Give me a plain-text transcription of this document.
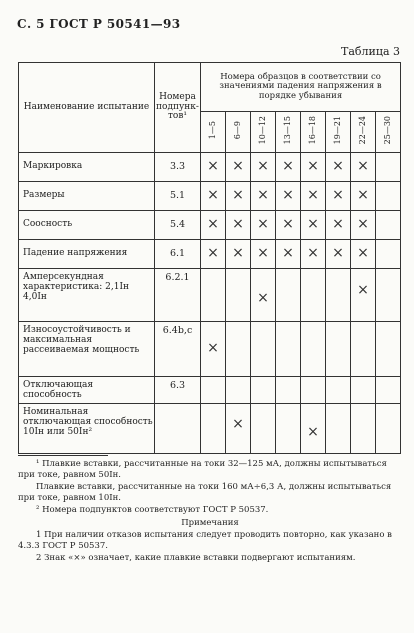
С. 5 ГОСТ Р 50541—93
Таблица 3
Наименование испытание	Номера подпунк-тов¹	Номера образцов в соответствии со значениями падения напряжения в порядке убывания							
		1—5	6—9	10—12	13—15	16—18	19—21	22—24	25—30
Маркировка	3.3	×	×	×	×	×	×	×	

Размеры	5.1	×	×	×	×	×	×	×	

Соосность	5.4	×	×	×	×	×	×	×	

Падение напряжения	6.1	×	×	×	×	×	×	×	

Амперсекундная характеристика: 2,1Iн 4,0Iн	6.2.1			×				×	

Износоустойчивость и максимальная рассеиваемая мощность	6.4b,c	×							

Отключающая способность	6.3	

Номинальная отключающая способность 10Iн или 50Iн²			×			×			

¹ Плавкие вставки, рассчитанные на токи 32—125 мА, должны испытываться при токе, равном 50Iн.

Плавкие вставки, рассчитанные на токи 160 мА÷6,3 А, должны испытываться при токе, равном 10Iн.

² Номера подпунктов соответствуют ГОСТ Р 50537.

Примечания

1 При наличии отказов испытания следует проводить повторно, как указано в 4.3.3 ГОСТ Р 50537.

2 Знак «×» означает, какие плавкие вставки подвергают испытаниям.
